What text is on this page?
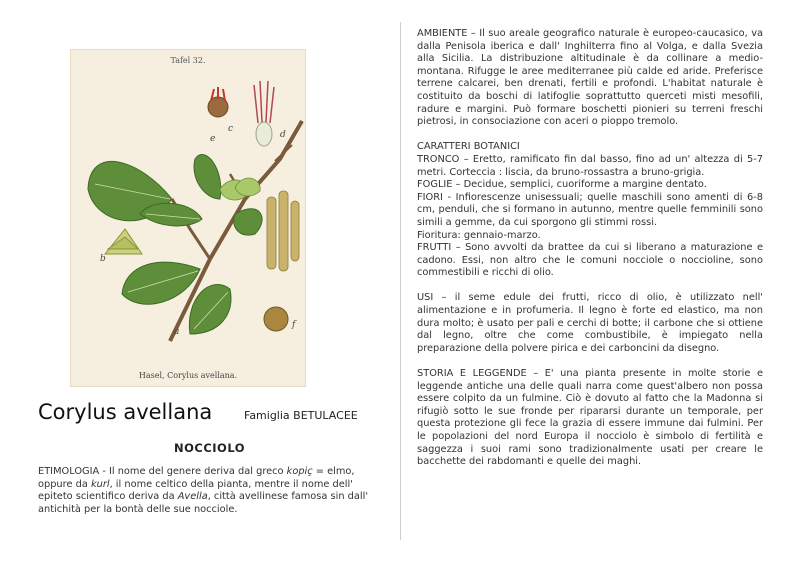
Tafel 32.
c
d
b
a
f
e
Hasel, Corylus avellana.
Corylus avellana	Famiglia BETULACEE
NOCCIOLO
ETIMOLOGIA - Il nome del genere deriva dal greco kopiç = elmo, oppure da kurl, il nome celtico della pianta, mentre il nome dell' epiteto scientifico deriva da Avella, città avellinese famosa sin dall' antichità per la bontà delle sue nocciole.

AMBIENTE – Il suo areale geografico naturale è europeo-caucasico, va dalla Penisola iberica e dall' Inghilterra fino al Volga, e dalla Svezia alla Sicilia. La distribuzione altitudinale è da collinare a medio-montana. Rifugge le aree mediterranee più calde ed aride. Preferisce terrene calcarei, ben drenati, fertili e profondi. L'habitat naturale è costituito da boschi di latifoglie soprattutto querceti misti mesofili, radure e margini. Può formare boschetti pionieri su terreni freschi pietrosi, in consociazione con aceri o pioppo tremolo.

CARATTERI BOTANICI
TRONCO – Eretto, ramificato fin dal basso, fino ad un' altezza di 5-7 metri. Corteccia : liscia, da bruno-rossastra a bruno-grigia.
FOGLIE – Decidue, semplici, cuoriforme a margine dentato.
FIORI - Infiorescenze unisessuali; quelle maschili sono amenti di 6-8 cm, penduli, che si formano in autunno, mentre quelle femminili sono simili a gemme, da cui sporgono gli stimmi rossi.
Fioritura: gennaio-marzo.
FRUTTI – Sono avvolti da brattee da cui si liberano a maturazione e cadono. Essi, non altro che le comuni nocciole o noccioline, sono commestibili e ricchi di olio.

USI – il seme edule dei frutti, ricco di olio, è utilizzato nell' alimentazione e in profumeria. Il legno è forte ed elastico, ma non dura molto; è usato per pali e cerchi di botte; il carbone che si ottiene dal legno, oltre che come combustibile, è impiegato nella preparazione della polvere pirica e dei carboncini da disegno.

STORIA E LEGGENDE – E' una pianta presente in molte storie e leggende antiche una delle quali narra come quest'albero non possa essere colpito da un fulmine. Ciò è dovuto al fatto che la Madonna si rifugiò sotto le sue fronde per ripararsi durante un temporale, per questa protezione gli fece la grazia di essere immune dai fulmini. Per le popolazioni del nord Europa il nocciolo è simbolo di fertilità e saggezza i suoi rami sono tradizionalmente usati per creare le bacchette dei rabdomanti e quelle dei maghi.
